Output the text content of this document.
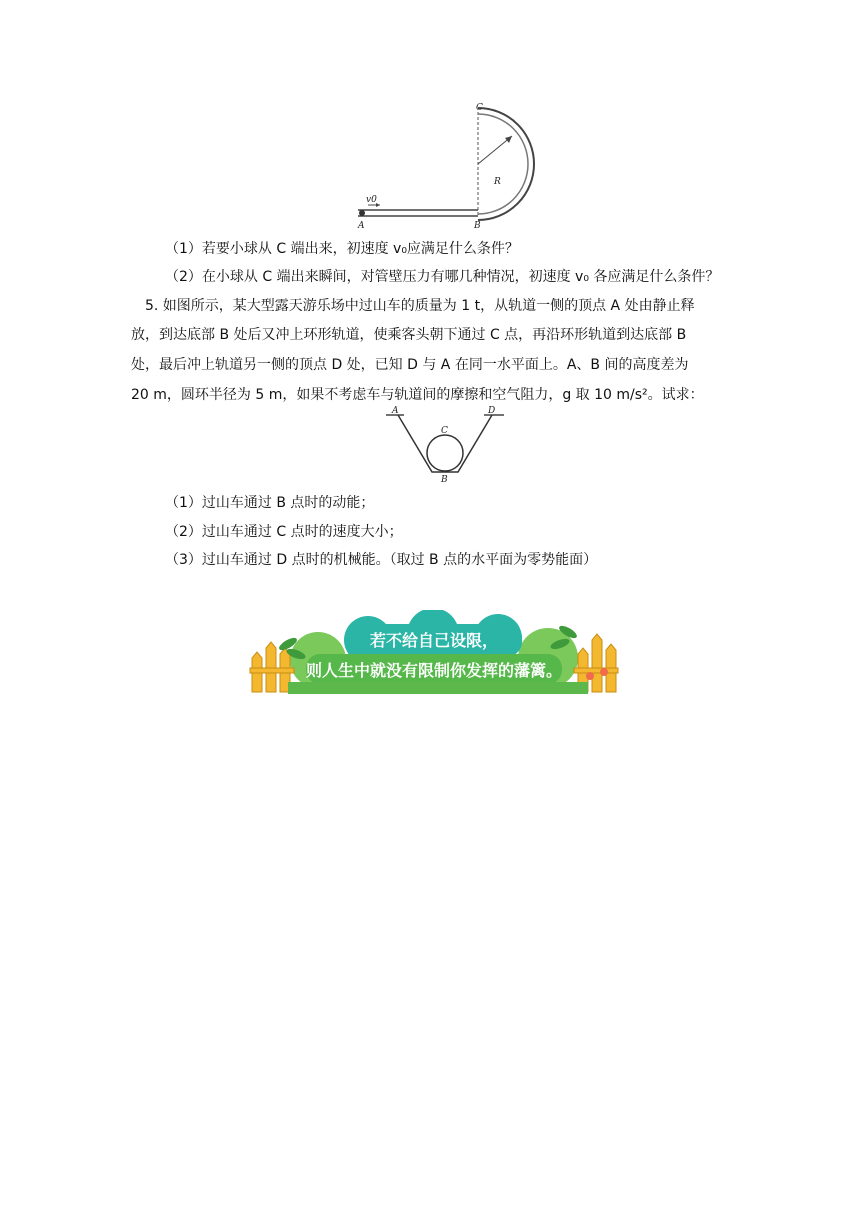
C
R
B
A
v0
（1）若要小球从 C 端出来，初速度 v₀应满足什么条件？
（2）在小球从 C 端出来瞬间，对管壁压力有哪几种情况，初速度 v₀ 各应满足什么条件？
5. 如图所示，某大型露天游乐场中过山车的质量为 1 t，从轨道一侧的顶点 A 处由静止释
放，到达底部 B 处后又冲上环形轨道，使乘客头朝下通过 C 点，再沿环形轨道到达底部 B
处，最后冲上轨道另一侧的顶点 D 处，已知 D 与 A 在同一水平面上。A、B 间的高度差为
20 m，圆环半径为 5 m，如果不考虑车与轨道间的摩擦和空气阻力，g 取 10 m/s²。试求：
A
C
D
B
（1）过山车通过 B 点时的动能；
（2）过山车通过 C 点时的速度大小；
（3）过山车通过 D 点时的机械能。（取过 B 点的水平面为零势能面）
若不给自己设限，
则人生中就没有限制你发挥的藩篱。
